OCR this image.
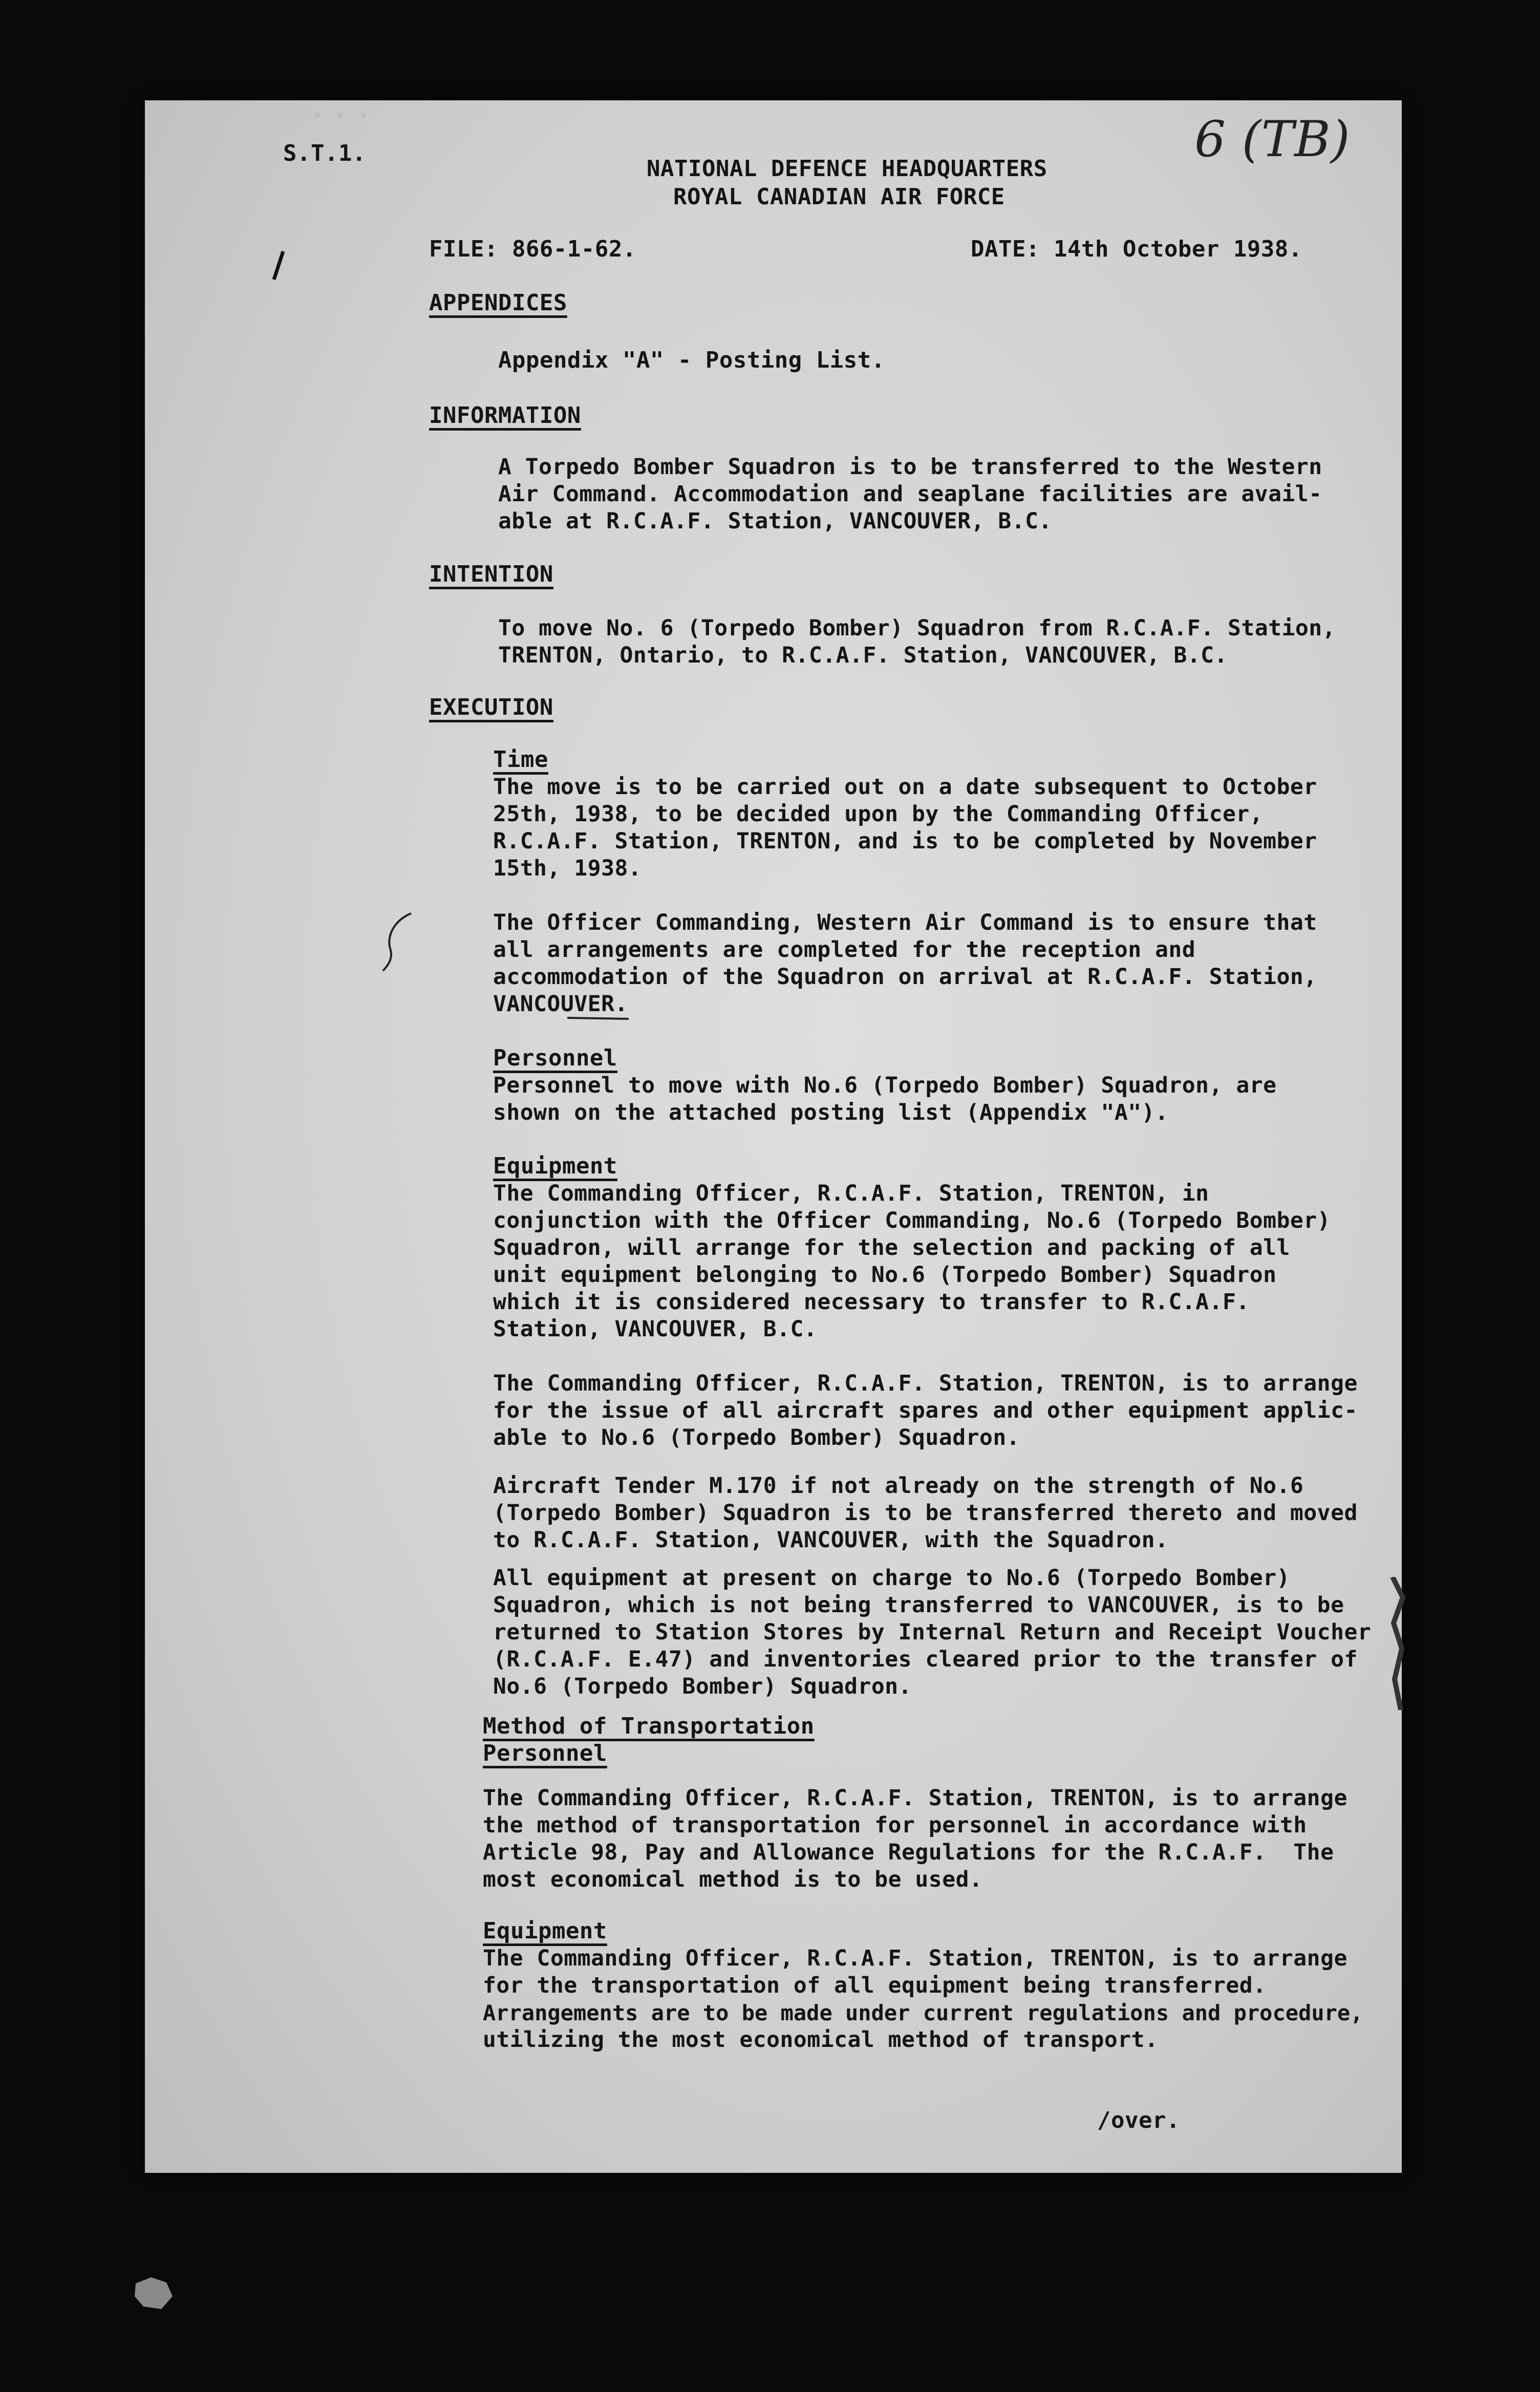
S.T.1.	6 (TB)
NATIONAL DEFENCE HEADQUARTERS
ROYAL CANADIAN AIR FORCE
FILE: 866-1-62.	DATE: 14th October 1938.
APPENDICES
Appendix "A" - Posting List.
INFORMATION
A Torpedo Bomber Squadron is to be transferred to the Western
Air Command. Accommodation and seaplane facilities are avail-
able at R.C.A.F. Station, VANCOUVER, B.C.
INTENTION
To move No. 6 (Torpedo Bomber) Squadron from R.C.A.F. Station,
TRENTON, Ontario, to R.C.A.F. Station, VANCOUVER, B.C.
EXECUTION
Time
The move is to be carried out on a date subsequent to October
25th, 1938, to be decided upon by the Commanding Officer,
R.C.A.F. Station, TRENTON, and is to be completed by November
15th, 1938.
The Officer Commanding, Western Air Command is to ensure that
all arrangements are completed for the reception and
accommodation of the Squadron on arrival at R.C.A.F. Station,
VANCOUVER.
Personnel
Personnel to move with No.6 (Torpedo Bomber) Squadron, are
shown on the attached posting list (Appendix "A").
Equipment
The Commanding Officer, R.C.A.F. Station, TRENTON, in
conjunction with the Officer Commanding, No.6 (Torpedo Bomber)
Squadron, will arrange for the selection and packing of all
unit equipment belonging to No.6 (Torpedo Bomber) Squadron
which it is considered necessary to transfer to R.C.A.F.
Station, VANCOUVER, B.C.
The Commanding Officer, R.C.A.F. Station, TRENTON, is to arrange
for the issue of all aircraft spares and other equipment applic-
able to No.6 (Torpedo Bomber) Squadron.
Aircraft Tender M.170 if not already on the strength of No.6
(Torpedo Bomber) Squadron is to be transferred thereto and moved
to R.C.A.F. Station, VANCOUVER, with the Squadron.
All equipment at present on charge to No.6 (Torpedo Bomber)
Squadron, which is not being transferred to VANCOUVER, is to be
returned to Station Stores by Internal Return and Receipt Voucher
(R.C.A.F. E.47) and inventories cleared prior to the transfer of
No.6 (Torpedo Bomber) Squadron.
Method of Transportation
Personnel
The Commanding Officer, R.C.A.F. Station, TRENTON, is to arrange
the method of transportation for personnel in accordance with
Article 98, Pay and Allowance Regulations for the R.C.A.F.  The
most economical method is to be used.
Equipment
The Commanding Officer, R.C.A.F. Station, TRENTON, is to arrange
for the transportation of all equipment being transferred.
Arrangements are to be made under current regulations and procedure,
utilizing the most economical method of transport.
/over.
